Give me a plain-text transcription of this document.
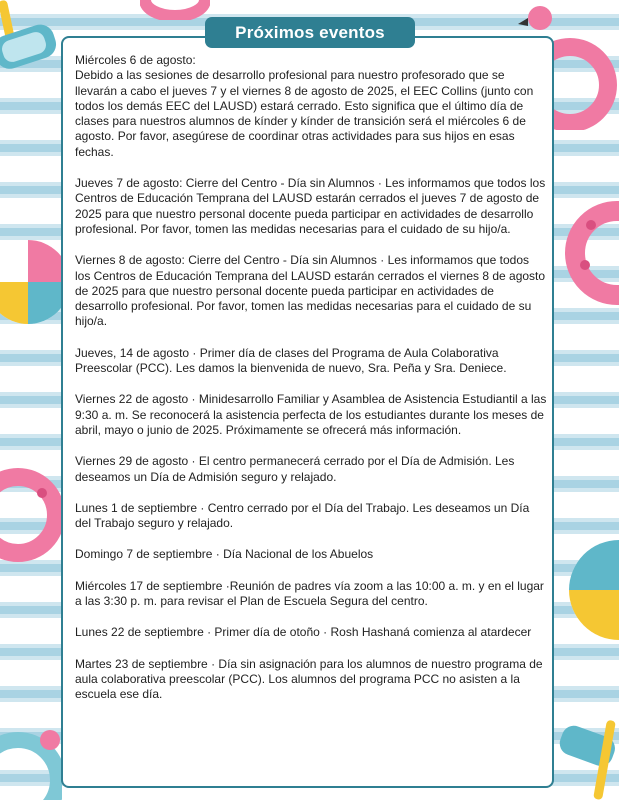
Próximos eventos

Miércoles 6 de agosto:
Debido a las sesiones de desarrollo profesional para nuestro profesorado que se llevarán a cabo el jueves 7 y el viernes 8 de agosto de 2025, el EEC Collins (junto con todos los demás EEC del LAUSD) estará cerrado. Esto significa que el último día de clases para nuestros alumnos de kínder y kínder de transición será el miércoles 6 de agosto. Por favor, asegúrese de coordinar otras actividades para sus hijos en esas fechas.

Jueves 7 de agosto: Cierre del Centro - Día sin Alumnos · Les informamos que todos los Centros de Educación Temprana del LAUSD estarán cerrados el jueves 7 de agosto de 2025 para que nuestro personal docente pueda participar en actividades de desarrollo profesional. Por favor, tomen las medidas necesarias para el cuidado de su hijo/a.

Viernes 8 de agosto: Cierre del Centro - Día sin Alumnos · Les informamos que todos los Centros de Educación Temprana del LAUSD estarán cerrados el viernes 8 de agosto de 2025 para que nuestro personal docente pueda participar en actividades de desarrollo profesional. Por favor, tomen las medidas necesarias para el cuidado de su hijo/a.

Jueves, 14 de agosto · Primer día de clases del Programa de Aula Colaborativa Preescolar (PCC). Les damos la bienvenida de nuevo, Sra. Peña y Sra. Deniece.

Viernes 22 de agosto · Minidesarrollo Familiar y Asamblea de Asistencia Estudiantil a las 9:30 a. m. Se reconocerá la asistencia perfecta de los estudiantes durante los meses de abril, mayo o junio de 2025. Próximamente se ofrecerá más información.

Viernes 29 de agosto · El centro permanecerá cerrado por el Día de Admisión. Les deseamos un Día de Admisión seguro y relajado.

Lunes 1 de septiembre · Centro cerrado por el Día del Trabajo. Les deseamos un Día del Trabajo seguro y relajado.

Domingo 7 de septiembre · Día Nacional de los Abuelos

Miércoles 17 de septiembre ·Reunión de padres vía zoom a las 10:00 a. m. y en el lugar a las 3:30 p. m. para revisar el Plan de Escuela Segura del centro.

Lunes 22 de septiembre · Primer día de otoño · Rosh Hashaná comienza al atardecer

Martes 23 de septiembre · Día sin asignación para los alumnos de nuestro programa de aula colaborativa preescolar (PCC). Los alumnos del programa PCC no asisten a la escuela ese día.
